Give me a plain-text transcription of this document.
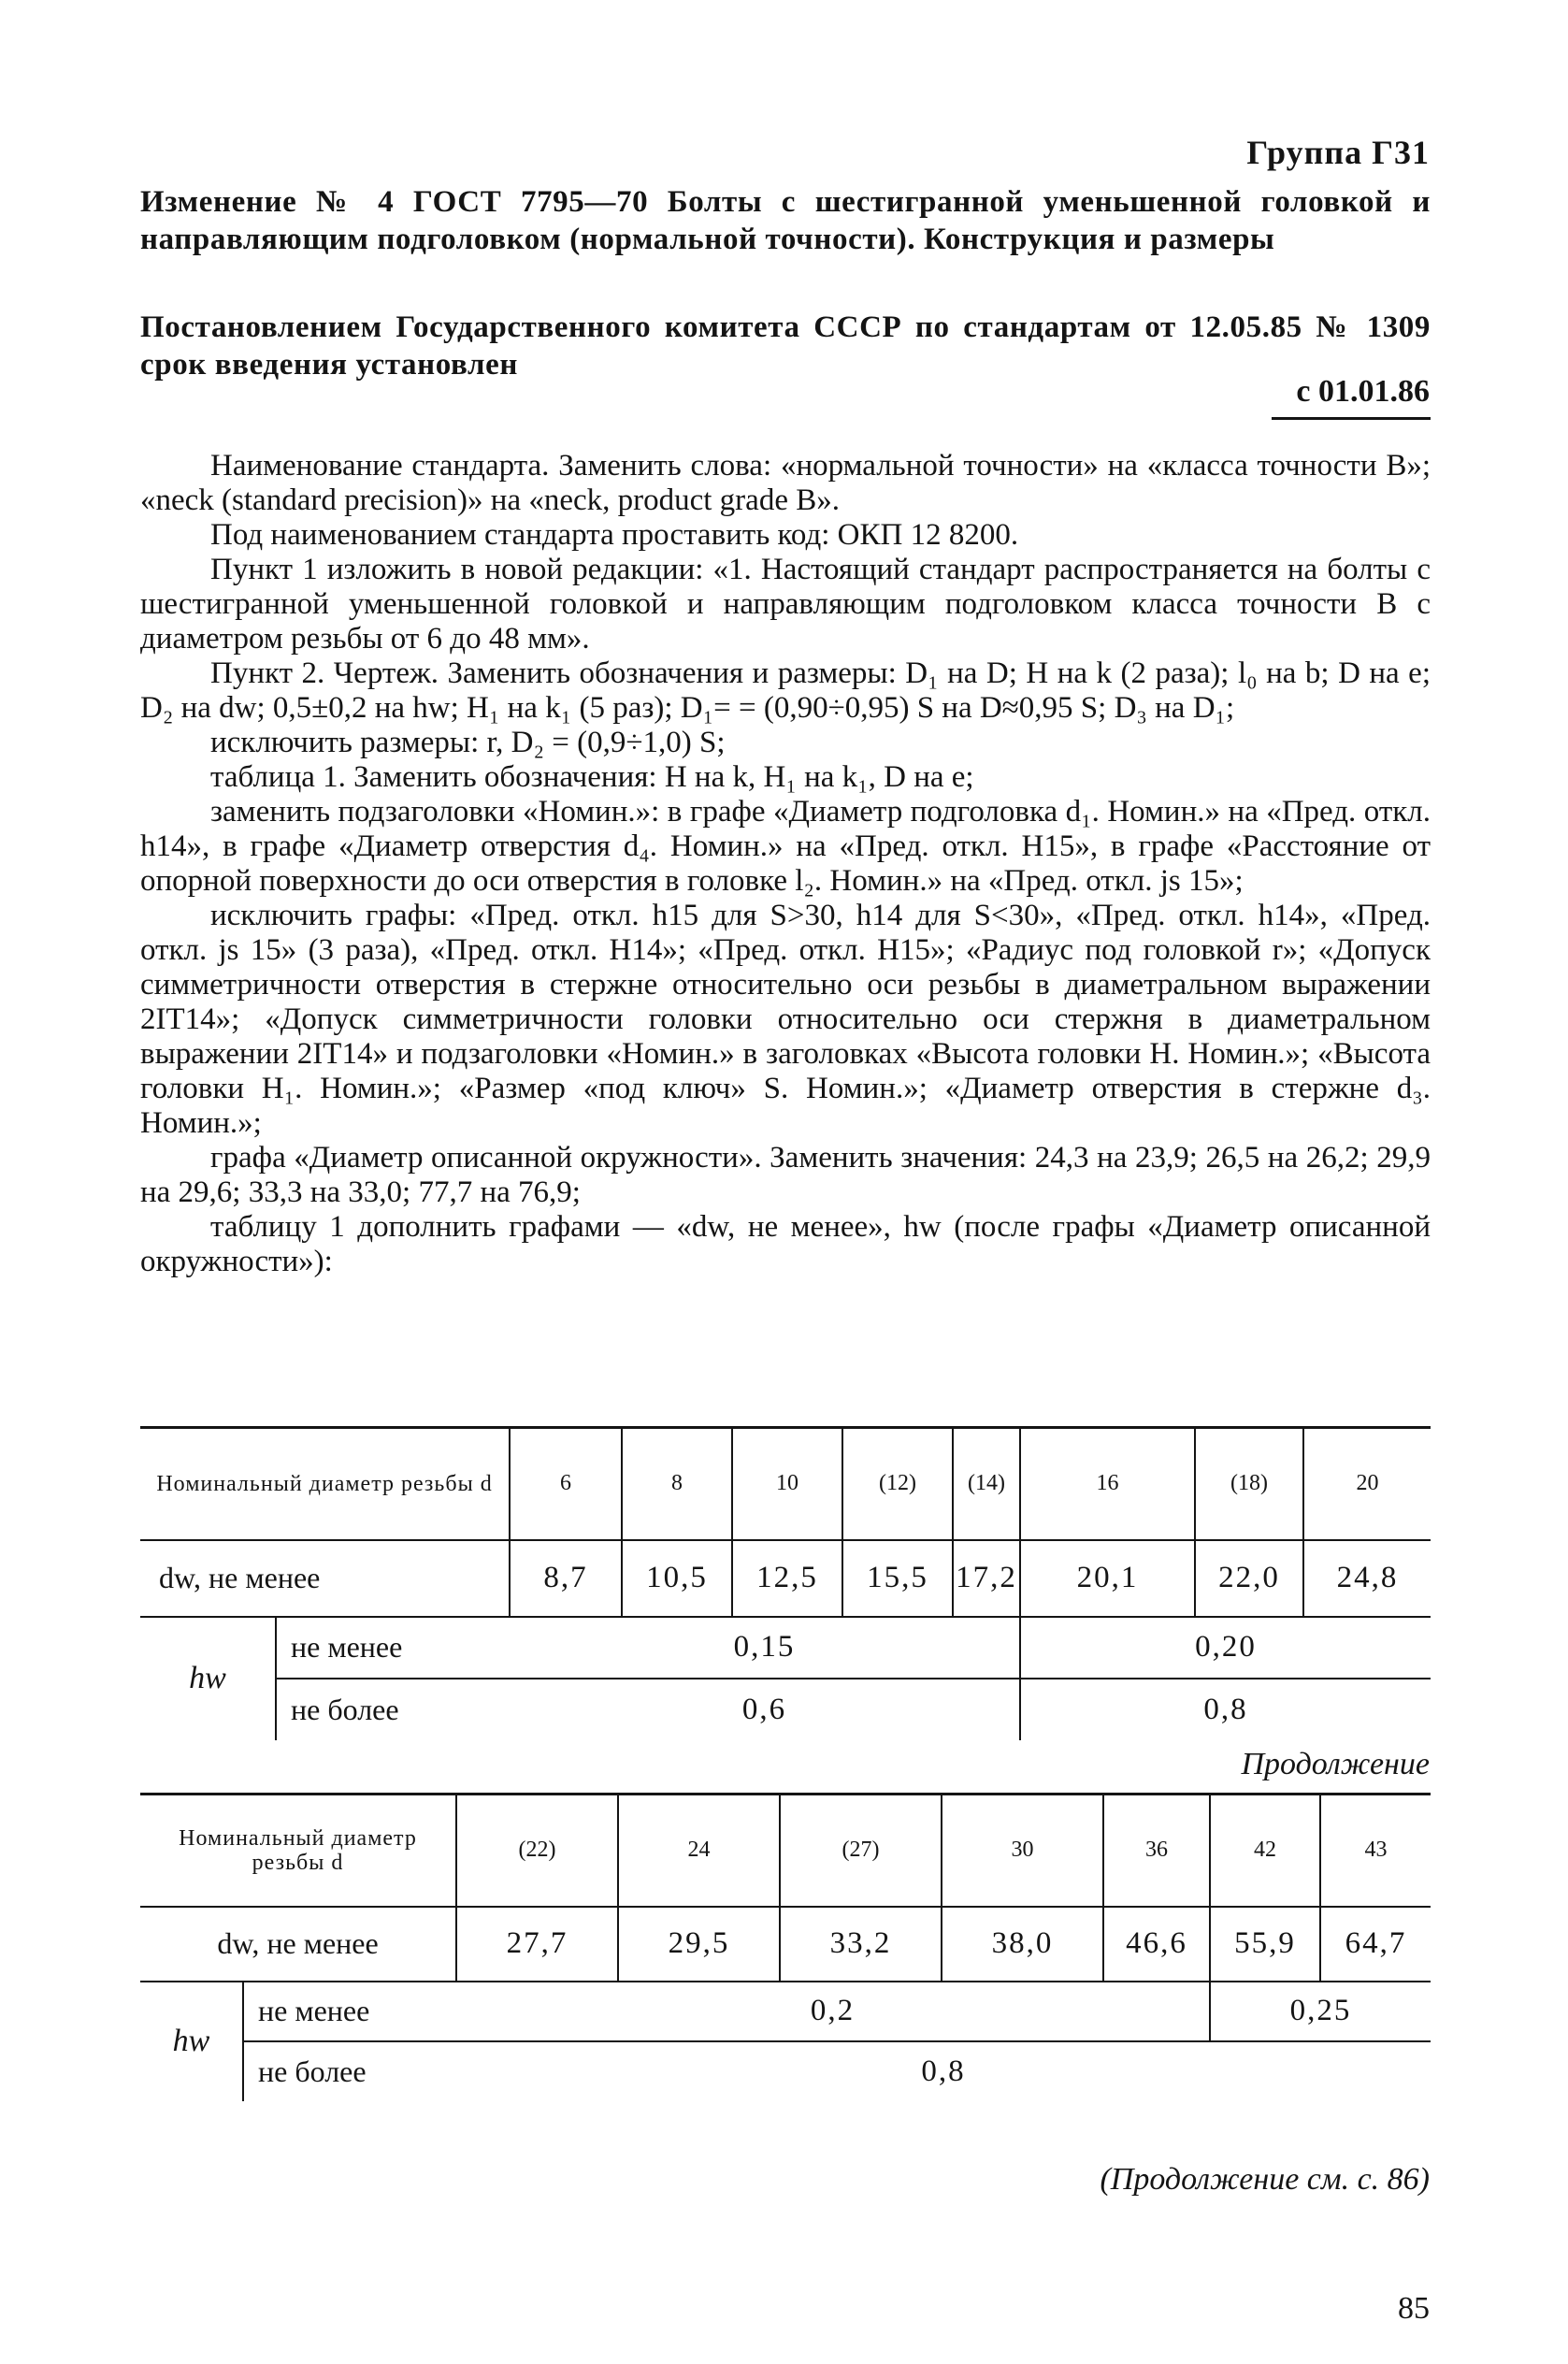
Группа Г31
Изменение № 4 ГОСТ 7795—70 Болты с шестигранной уменьшенной головкой и направляющим подголовком (нормальной точности). Конструкция и размеры
Постановлением Государственного комитета СССР по стандартам от 12.05.85 № 1309 срок введения установлен
с 01.01.86

Наименование стандарта. Заменить слова: «нормальной точности» на «класса точности В»; «neck (standard precision)» на «neck, product grade B».

Под наименованием стандарта проставить код: ОКП 12 8200.

Пункт 1 изложить в новой редакции: «1. Настоящий стандарт распространяется на болты с шестигранной уменьшенной головкой и направляющим подголовком класса точности В с диаметром резьбы от 6 до 48 мм».

Пункт 2. Чертеж. Заменить обозначения и размеры: D₁ на D; H на k (2 раза); l₀ на b; D на e; D₂ на dw; 0,5±0,2 на hw; H₁ на k₁ (5 раз); D₁= = (0,90÷0,95) S на D≈0,95 S; D₃ на D₁;

исключить размеры: r, D₂ = (0,9÷1,0) S;

таблица 1. Заменить обозначения: H на k, H₁ на k₁, D на e;

заменить подзаголовки «Номин.»: в графе «Диаметр подголовка d₁. Номин.» на «Пред. откл. h14», в графе «Диаметр отверстия d₄. Номин.» на «Пред. откл. H15», в графе «Расстояние от опорной поверхности до оси отверстия в головке l₂. Номин.» на «Пред. откл. js 15»;

исключить графы: «Пред. откл. h15 для S>30, h14 для S<30», «Пред. откл. h14», «Пред. откл. js 15» (3 раза), «Пред. откл. H14»; «Пред. откл. H15»; «Радиус под головкой r»; «Допуск симметричности отверстия в стержне относительно оси резьбы в диаметральном выражении 2IT14»; «Допуск симметричности головки относительно оси стержня в диаметральном выражении 2IT14» и подзаголовки «Номин.» в заголовках «Высота головки H. Номин.»; «Высота головки H₁. Номин.»; «Размер «под ключ» S. Номин.»; «Диаметр отверстия в стержне d₃. Номин.»;

графа «Диаметр описанной окружности». Заменить значения: 24,3 на 23,9; 26,5 на 26,2; 29,9 на 29,6; 33,3 на 33,0; 77,7 на 76,9;

таблицу 1 дополнить графами — «dw, не менее», hw (после графы «Диаметр описанной окружности»):

Номинальный диаметр резьбы d		6	8	10	(12)	(14)	16	(18)	20
dw, не менее		8,7	10,5	12,5	15,5	17,2	20,1	22,0	24,8
hw	не менее	0,15					0,20		
	не более	0,6					0,8		
Продолжение
Номинальный диаметр резьбы d		(22)	24	(27)	30	36	42	43
dw, не менее		27,7	29,5	33,2	38,0	46,6	55,9	64,7
hw	не менее	0,2					0,25	
	не более	0,8						
(Продолжение см. с. 86)
85
